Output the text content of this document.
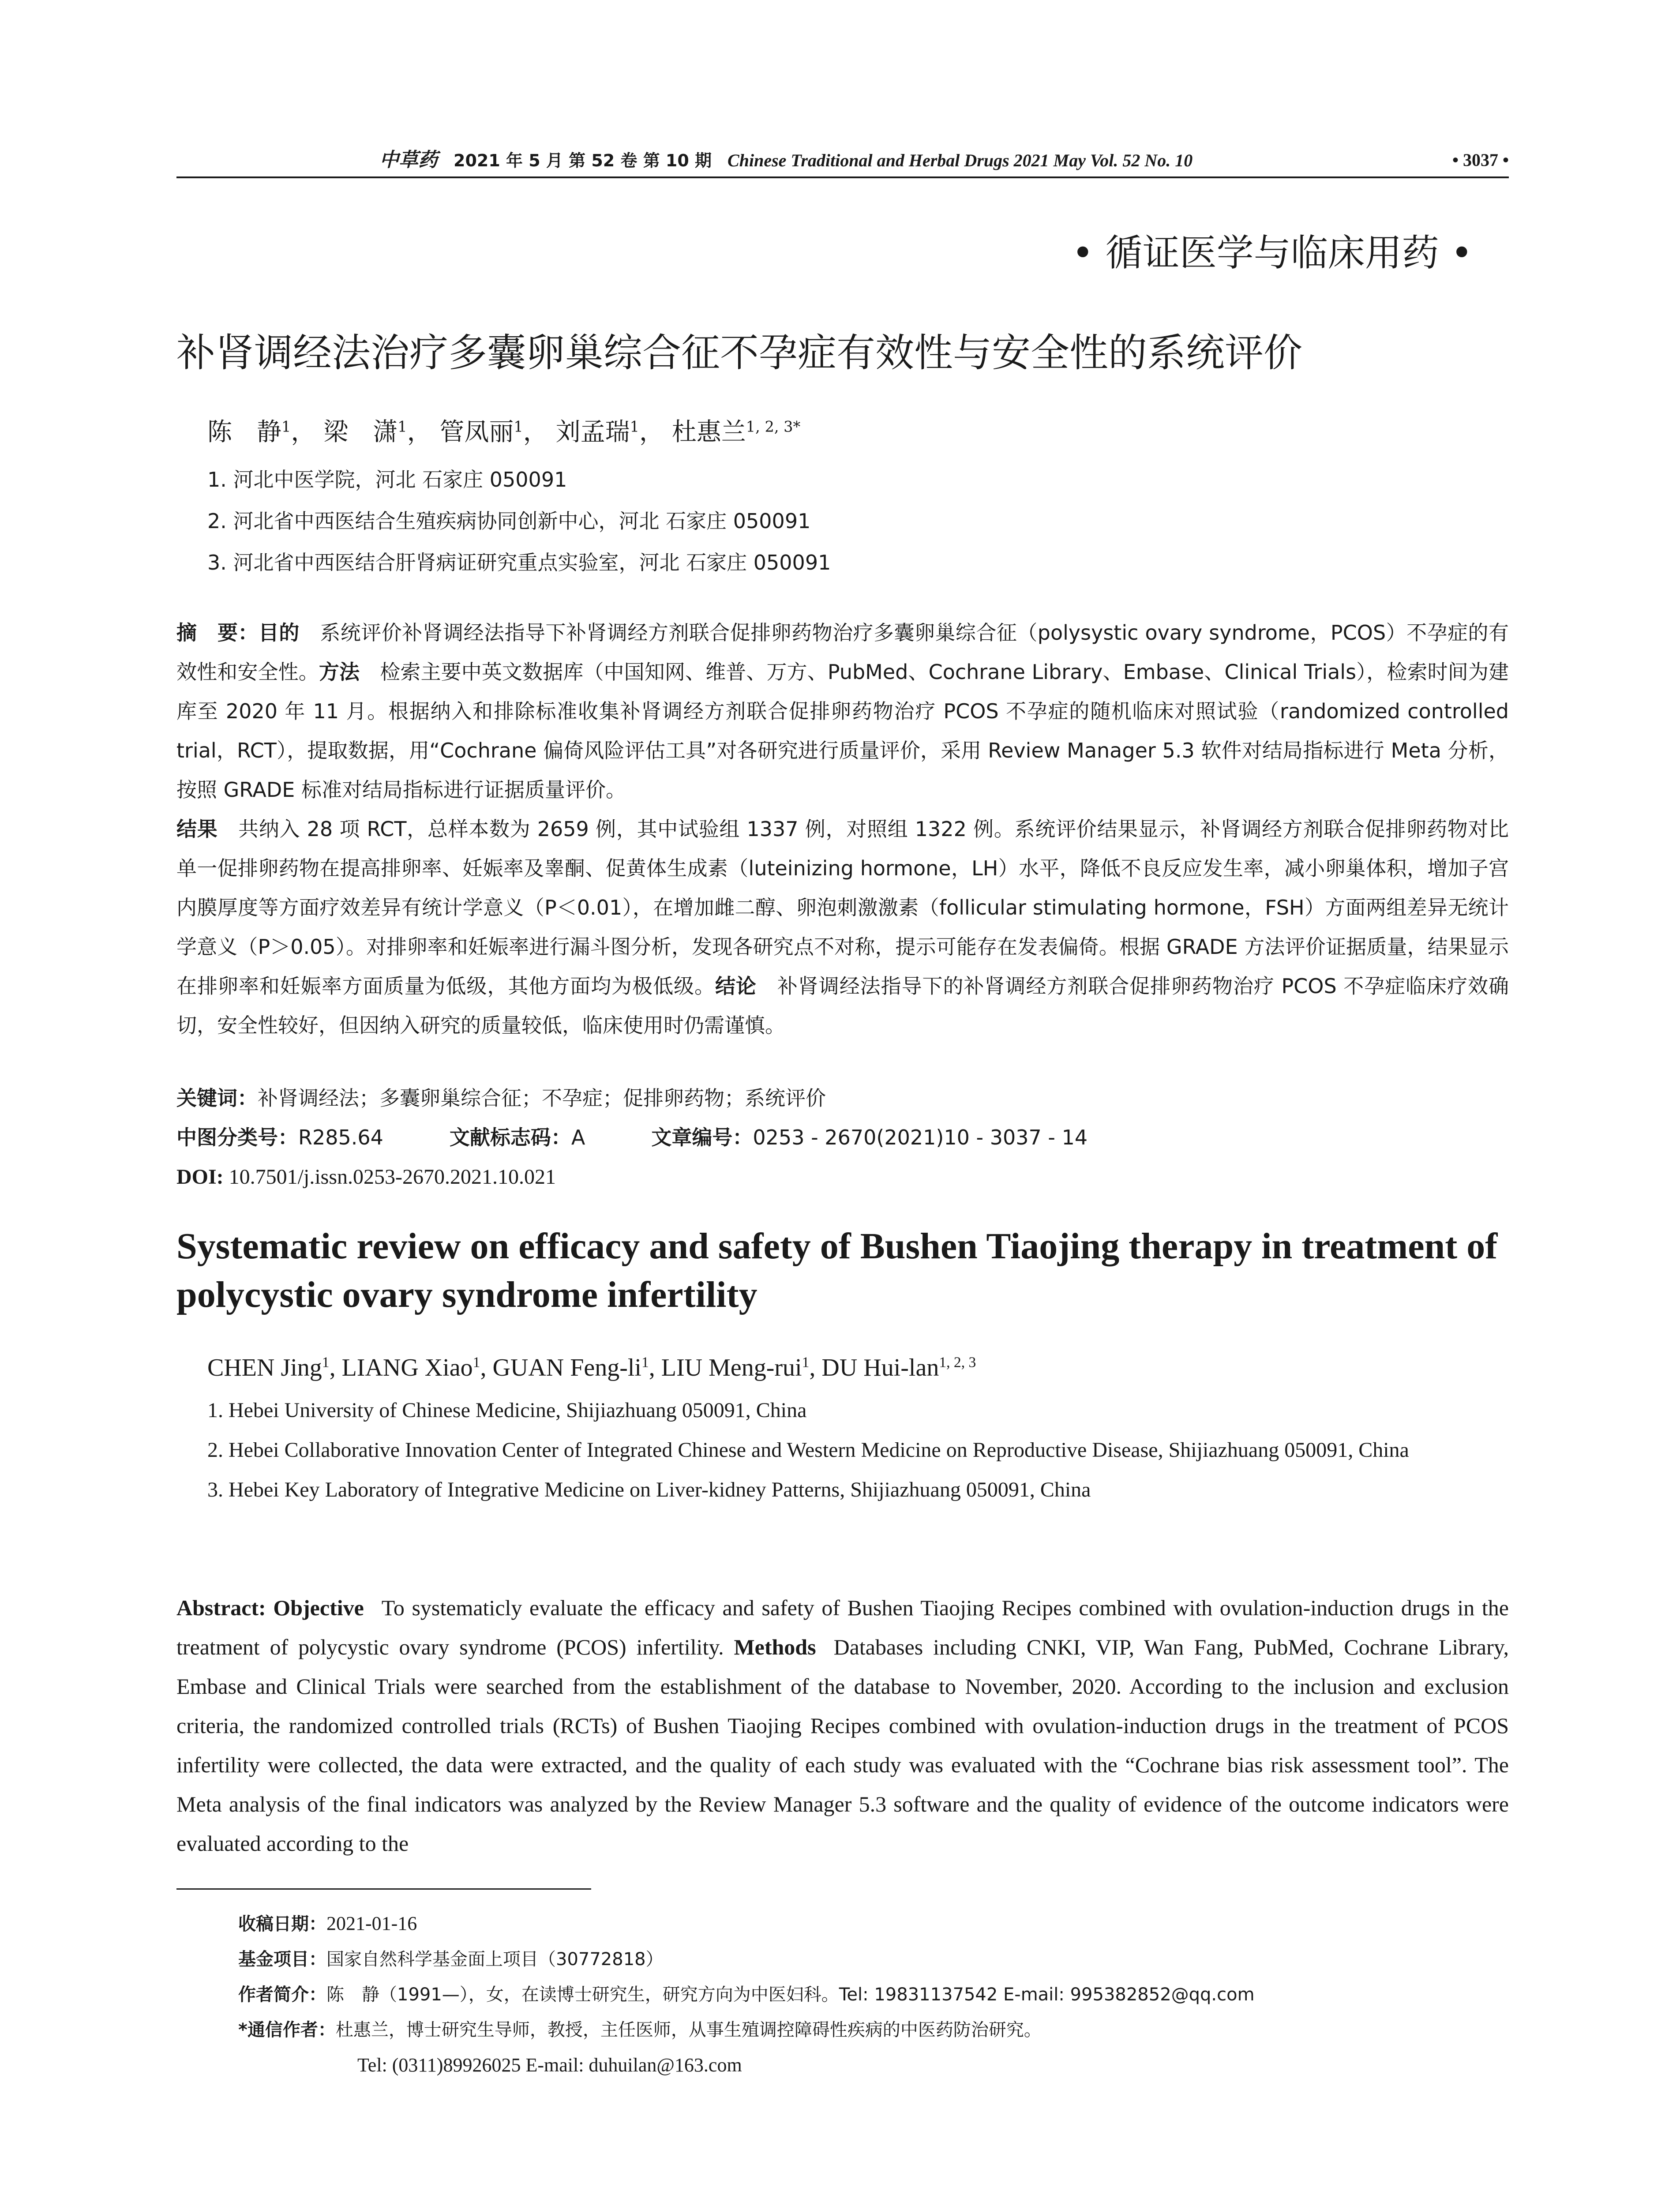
中草药 2021 年 5 月 第 52 卷 第 10 期 Chinese Traditional and Herbal Drugs 2021 May Vol. 52 No. 10	• 3037 •
• 循证医学与临床用药 •
补肾调经法治疗多囊卵巢综合征不孕症有效性与安全性的系统评价
陈　静$^1$， 梁　潇$^1$， 管凤丽$^1$， 刘孟瑞$^1$， 杜惠兰$^{1, 2, 3*}$
1. 河北中医学院，河北 石家庄 050091
2. 河北省中西医结合生殖疾病协同创新中心，河北 石家庄 050091
3. 河北省中西医结合肝肾病证研究重点实验室，河北 石家庄 050091
摘　要：目的 系统评价补肾调经法指导下补肾调经方剂联合促排卵药物治疗多囊卵巢综合征（polysystic ovary syndrome，PCOS）不孕症的有效性和安全性。方法 检索主要中英文数据库（中国知网、维普、万方、PubMed、Cochrane Library、Embase、Clinical Trials），检索时间为建库至 2020 年 11 月。根据纳入和排除标准收集补肾调经方剂联合促排卵药物治疗 PCOS 不孕症的随机临床对照试验（randomized controlled trial，RCT），提取数据，用“Cochrane 偏倚风险评估工具”对各研究进行质量评价，采用 Review Manager 5.3 软件对结局指标进行 Meta 分析，按照 GRADE 标准对结局指标进行证据质量评价。
结果 共纳入 28 项 RCT，总样本数为 2659 例，其中试验组 1337 例，对照组 1322 例。系统评价结果显示，补肾调经方剂联合促排卵药物对比单一促排卵药物在提高排卵率、妊娠率及睾酮、促黄体生成素（luteinizing hormone，LH）水平，降低不良反应发生率，减小卵巢体积，增加子宫内膜厚度等方面疗效差异有统计学意义（P＜0.01），在增加雌二醇、卵泡刺激激素（follicular stimulating hormone，FSH）方面两组差异无统计学意义（P＞0.05）。对排卵率和妊娠率进行漏斗图分析，发现各研究点不对称，提示可能存在发表偏倚。根据 GRADE 方法评价证据质量，结果显示在排卵率和妊娠率方面质量为低级，其他方面均为极低级。结论 补肾调经法指导下的补肾调经方剂联合促排卵药物治疗 PCOS 不孕症临床疗效确切，安全性较好，但因纳入研究的质量较低，临床使用时仍需谨慎。
关键词：补肾调经法；多囊卵巢综合征；不孕症；促排卵药物；系统评价
中图分类号：R285.64	文献标志码：A	文章编号：0253 - 2670(2021)10 - 3037 - 14
DOI: 10.7501/j.issn.0253-2670.2021.10.021
Systematic review on efficacy and safety of Bushen Tiaojing therapy in treatment of polycystic ovary syndrome infertility
CHEN Jing$^1$, LIANG Xiao$^1$, GUAN Feng-$li^1$, LIU Meng-rui$^1$, DU Hui-lan$^{1, 2, 3}$
1. Hebei University of Chinese Medicine, Shijiazhuang 050091, China
2. Hebei Collaborative Innovation Center of Integrated Chinese and Western Medicine on Reproductive Disease, Shijiazhuang 050091, China
3. Hebei Key Laboratory of Integrative Medicine on Liver-kidney Patterns, Shijiazhuang 050091, China
Abstract: Objective To systematicly evaluate the efficacy and safety of Bushen Tiaojing Recipes combined with ovulation-induction drugs in the treatment of polycystic ovary syndrome (PCOS) infertility. Methods Databases including CNKI, VIP, Wan Fang, PubMed, Cochrane Library, Embase and Clinical Trials were searched from the establishment of the database to November, 2020. According to the inclusion and exclusion criteria, the randomized controlled trials (RCTs) of Bushen Tiaojing Recipes combined with ovulation-induction drugs in the treatment of PCOS infertility were collected, the data were extracted, and the quality of each study was evaluated with the “Cochrane bias risk assessment tool”. The Meta analysis of the final indicators was analyzed by the Review Manager 5.3 software and the quality of evidence of the outcome indicators were evaluated according to the
收稿日期：2021-01-16
基金项目：国家自然科学基金面上项目（30772818）
作者简介：陈　静（1991—），女，在读博士研究生，研究方向为中医妇科。Tel: 19831137542 E-mail: 995382852@qq.com
*通信作者：杜惠兰，博士研究生导师，教授，主任医师，从事生殖调控障碍性疾病的中医药防治研究。
Tel: (0311)89926025 E-mail: duhuilan@163.com
